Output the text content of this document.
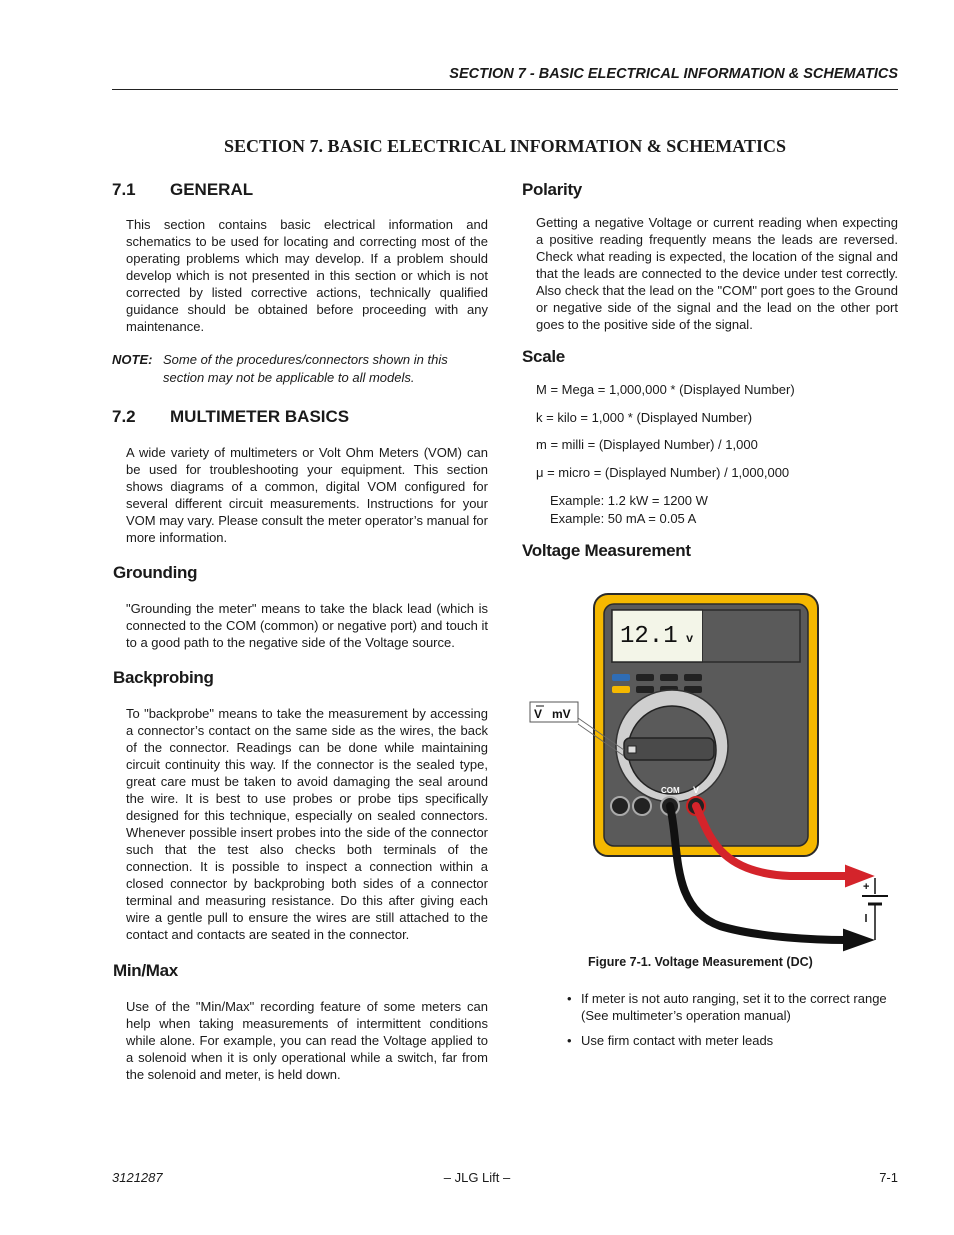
SECTION 7 - BASIC ELECTRICAL INFORMATION & SCHEMATICS
SECTION 7. BASIC ELECTRICAL INFORMATION & SCHEMATICS
7.1 GENERAL
This section contains basic electrical information and schematics to be used for locating and correcting most of the operating problems which may develop. If a problem should develop which is not presented in this section or which is not corrected by listed corrective actions, technically qualified guidance should be obtained before proceeding with any maintenance.
NOTE: Some of the procedures/connectors shown in this section may not be applicable to all models.
7.2 MULTIMETER BASICS
A wide variety of multimeters or Volt Ohm Meters (VOM) can be used for troubleshooting your equipment. This section shows diagrams of a common, digital VOM configured for several different circuit measurements. Instructions for your VOM may vary. Please consult the meter operator’s manual for more information.
Grounding
"Grounding the meter" means to take the black lead (which is connected to the COM (common) or negative port) and touch it to a good path to the negative side of the Voltage source.
Backprobing
To "backprobe" means to take the measurement by accessing a connector’s contact on the same side as the wires, the back of the connector. Readings can be done while maintaining circuit continuity this way. If the connector is the sealed type, great care must be taken to avoid damaging the seal around the wire. It is best to use probes or probe tips specifically designed for this technique, especially on sealed connectors. Whenever possible insert probes into the side of the connector such that the test also checks both terminals of the connection. It is possible to inspect a connection within a closed connector by backprobing both sides of a connector terminal and measuring resistance. Do this after giving each wire a gentle pull to ensure the wires are still attached to the contact and contacts are seated in the connector.
Min/Max
Use of the "Min/Max" recording feature of some meters can help when taking measurements of intermittent conditions while alone. For example, you can read the Voltage applied to a solenoid when it is only operational while a switch, far from the solenoid and meter, is held down.
Polarity
Getting a negative Voltage or current reading when expecting a positive reading frequently means the leads are reversed. Check what reading is expected, the location of the signal and that the leads are connected to the device under test correctly. Also check that the lead on the "COM" port goes to the Ground or negative side of the signal and the lead on the other port goes to the positive side of the signal.
Scale
M = Mega = 1,000,000 * (Displayed Number)
k = kilo = 1,000 * (Displayed Number)
m = milli = (Displayed Number) / 1,000
μ = micro = (Displayed Number) / 1,000,000
Example: 1.2 kW = 1200 W
Example: 50 mA = 0.05 A
Voltage Measurement
12.1 v
V mV
COM V
+
Figure 7-1. Voltage Measurement (DC)
• If meter is not auto ranging, set it to the correct range (See multimeter’s operation manual)
• Use firm contact with meter leads
3121287	– JLG Lift –	7-1
